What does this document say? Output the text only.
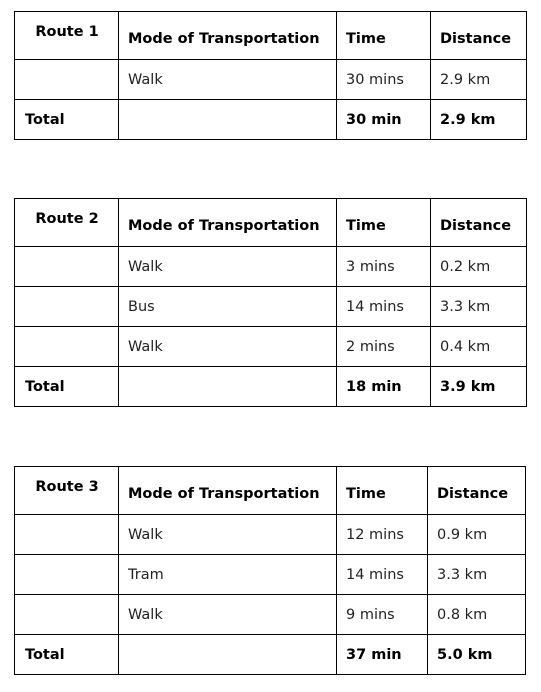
Route 1	Mode of Transportation	Time	Distance
	Walk	30 mins	2.9 km
Total		30 min	2.9 km
Route 2	Mode of Transportation	Time	Distance
	Walk	3 mins	0.2 km
	Bus	14 mins	3.3 km
	Walk	2 mins	0.4 km
Total		18 min	3.9 km
Route 3	Mode of Transportation	Time	Distance
	Walk	12 mins	0.9 km
	Tram	14 mins	3.3 km
	Walk	9 mins	0.8 km
Total		37 min	5.0 km
